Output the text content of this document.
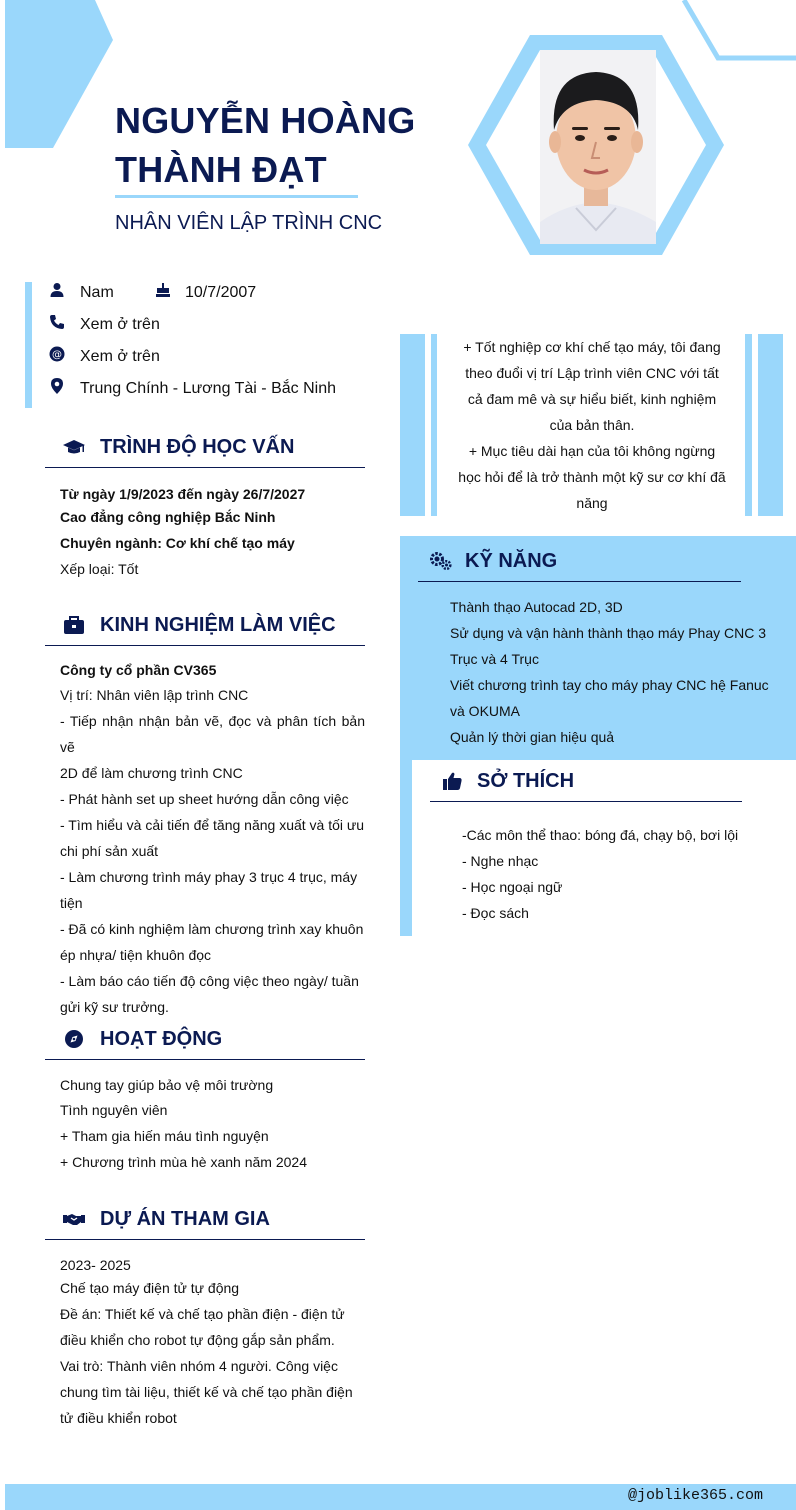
NGUYỄN HOÀNG
THÀNH ĐẠT
NHÂN VIÊN LẬP TRÌNH CNC
Nam	10/7/2007
Xem ở trên
@ Xem ở trên
Trung Chính - Lương Tài - Bắc Ninh
+ Tốt nghiệp cơ khí chế tạo máy, tôi đang
theo đuổi vị trí Lập trình viên CNC với tất
cả đam mê và sự hiểu biết, kinh nghiệm
của bản thân.
+ Mục tiêu dài hạn của tôi không ngừng
học hỏi để là trở thành một kỹ sư cơ khí đã
năng
TRÌNH ĐỘ HỌC VẤN
Từ ngày 1/9/2023 đến ngày 26/7/2027
Cao đẳng công nghiệp Bắc Ninh
Chuyên ngành: Cơ khí chế tạo máy
Xếp loại: Tốt
KINH NGHIỆM LÀM VIỆC
Công ty cổ phần CV365
Vị trí: Nhân viên lập trình CNC
- Tiếp nhận nhận bản vẽ, đọc và phân tích bản vẽ
2D để làm chương trình CNC
- Phát hành set up sheet hướng dẫn công việc
- Tìm hiểu và cải tiến để tăng năng xuất và tối ưu
chi phí sản xuất
- Làm chương trình máy phay 3 trục 4 trục, máy
tiện
- Đã có kinh nghiệm làm chương trình xay khuôn
ép nhựa/ tiện khuôn đọc
- Làm báo cáo tiến độ công việc theo ngày/ tuần
gửi kỹ sư trưởng.
HOẠT ĐỘNG
Chung tay giúp bảo vệ môi trường
Tình nguyên viên
+ Tham gia hiến máu tình nguyện
+ Chương trình mùa hè xanh năm 2024
DỰ ÁN THAM GIA
2023- 2025
Chế tạo máy điện tử tự động
Đề án: Thiết kế và chế tạo phần điện - điện tử
điều khiển cho robot tự động gắp sản phẩm.
Vai trò: Thành viên nhóm 4 người. Công việc
chung tìm tài liệu, thiết kế và chế tạo phần điện
tử điều khiển robot
KỸ NĂNG
Thành thạo Autocad 2D, 3D
Sử dụng và vận hành thành thạo máy Phay CNC 3
Trục và 4 Trục
Viết chương trình tay cho máy phay CNC hệ Fanuc
và OKUMA
Quản lý thời gian hiệu quả
SỞ THÍCH
-Các môn thể thao: bóng đá, chạy bộ, bơi lội
- Nghe nhạc
- Học ngoại ngữ
- Đọc sách
@joblike365.com
